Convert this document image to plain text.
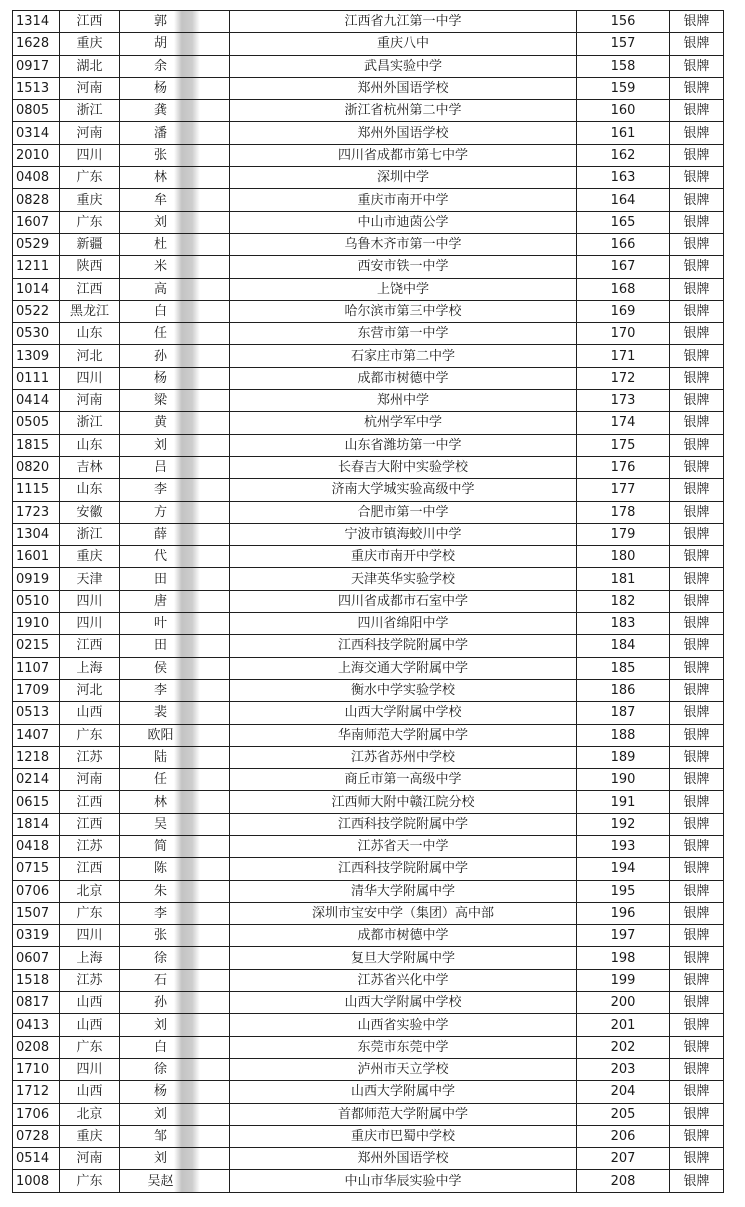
1314	江西	郭	江西省九江第一中学	156	银牌
1628	重庆	胡	重庆八中	157	银牌
0917	湖北	余	武昌实验中学	158	银牌
1513	河南	杨	郑州外国语学校	159	银牌
0805	浙江	龚	浙江省杭州第二中学	160	银牌
0314	河南	潘	郑州外国语学校	161	银牌
2010	四川	张	四川省成都市第七中学	162	银牌
0408	广东	林	深圳中学	163	银牌
0828	重庆	牟	重庆市南开中学	164	银牌
1607	广东	刘	中山市迪茵公学	165	银牌
0529	新疆	杜	乌鲁木齐市第一中学	166	银牌
1211	陕西	米	西安市铁一中学	167	银牌
1014	江西	高	上饶中学	168	银牌
0522	黑龙江	白	哈尔滨市第三中学校	169	银牌
0530	山东	任	东营市第一中学	170	银牌
1309	河北	孙	石家庄市第二中学	171	银牌
0111	四川	杨	成都市树德中学	172	银牌
0414	河南	梁	郑州中学	173	银牌
0505	浙江	黄	杭州学军中学	174	银牌
1815	山东	刘	山东省潍坊第一中学	175	银牌
0820	吉林	吕	长春吉大附中实验学校	176	银牌
1115	山东	李	济南大学城实验高级中学	177	银牌
1723	安徽	方	合肥市第一中学	178	银牌
1304	浙江	薛	宁波市镇海蛟川中学	179	银牌
1601	重庆	代	重庆市南开中学校	180	银牌
0919	天津	田	天津英华实验学校	181	银牌
0510	四川	唐	四川省成都市石室中学	182	银牌
1910	四川	叶	四川省绵阳中学	183	银牌
0215	江西	田	江西科技学院附属中学	184	银牌
1107	上海	侯	上海交通大学附属中学	185	银牌
1709	河北	李	衡水中学实验学校	186	银牌
0513	山西	裴	山西大学附属中学校	187	银牌
1407	广东	欧阳	华南师范大学附属中学	188	银牌
1218	江苏	陆	江苏省苏州中学校	189	银牌
0214	河南	任	商丘市第一高级中学	190	银牌
0615	江西	林	江西师大附中赣江院分校	191	银牌
1814	江西	吴	江西科技学院附属中学	192	银牌
0418	江苏	简	江苏省天一中学	193	银牌
0715	江西	陈	江西科技学院附属中学	194	银牌
0706	北京	朱	清华大学附属中学	195	银牌
1507	广东	李	深圳市宝安中学（集团）高中部	196	银牌
0319	四川	张	成都市树德中学	197	银牌
0607	上海	徐	复旦大学附属中学	198	银牌
1518	江苏	石	江苏省兴化中学	199	银牌
0817	山西	孙	山西大学附属中学校	200	银牌
0413	山西	刘	山西省实验中学	201	银牌
0208	广东	白	东莞市东莞中学	202	银牌
1710	四川	徐	泸州市天立学校	203	银牌
1712	山西	杨	山西大学附属中学	204	银牌
1706	北京	刘	首都师范大学附属中学	205	银牌
0728	重庆	邹	重庆市巴蜀中学校	206	银牌
0514	河南	刘	郑州外国语学校	207	银牌
1008	广东	吴赵	中山市华辰实验中学	208	银牌
